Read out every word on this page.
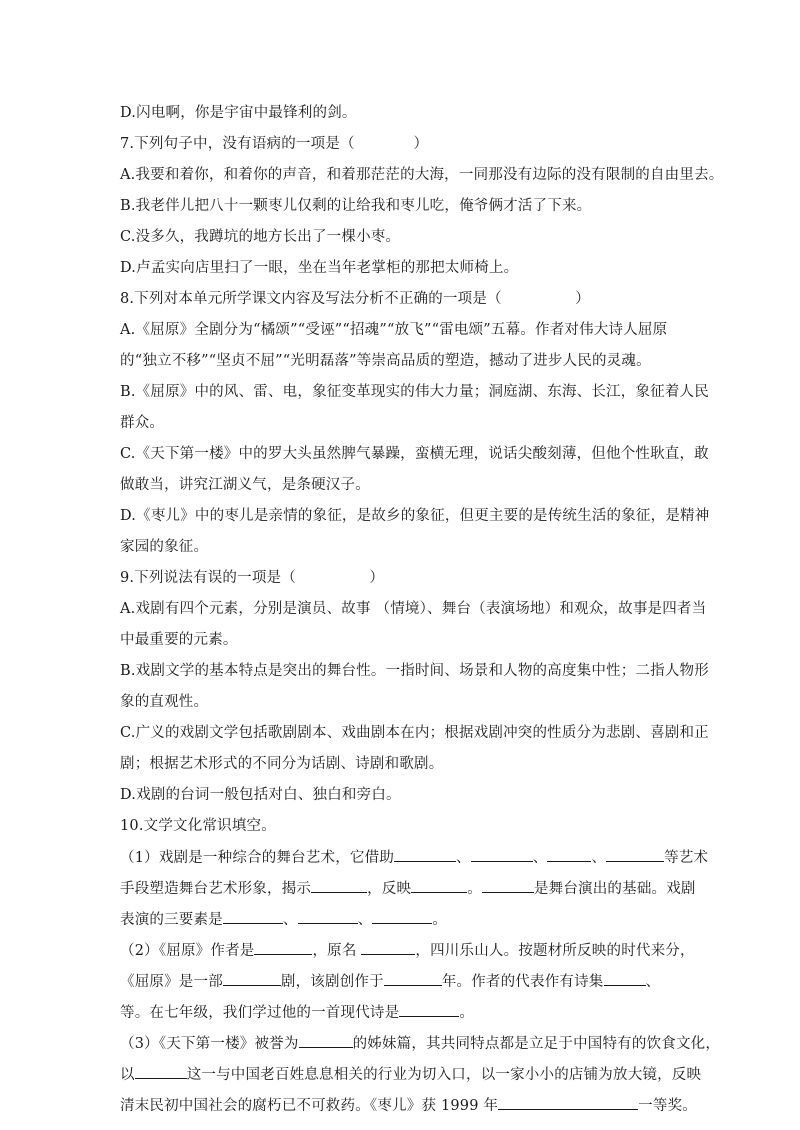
D.闪电啊，你是宇宙中最锋利的剑。
7.下列句子中，没有语病的一项是（　　　　）
A.我要和着你，和着你的声音，和着那茫茫的大海，一同那没有边际的没有限制的自由里去。
B.我老伴儿把八十一颗枣儿仅剩的让给我和枣儿吃，俺爷俩才活了下来。
C.没多久，我蹲坑的地方长出了一棵小枣。
D.卢孟实向店里扫了一眼，坐在当年老掌柜的那把太师椅上。
8.下列对本单元所学课文内容及写法分析不正确的一项是（　　　　　）
A.《屈原》全剧分为“橘颂”“受诬”“招魂”“放飞”“雷电颂”五幕。作者对伟大诗人屈原
的“独立不移”“坚贞不屈”“光明磊落”等崇高品质的塑造，撼动了进步人民的灵魂。
B.《屈原》中的风、雷、电，象征变革现实的伟大力量；洞庭湖、东海、长江，象征着人民
群众。
C.《天下第一楼》中的罗大头虽然脾气暴躁，蛮横无理，说话尖酸刻薄，但他个性耿直，敢
做敢当，讲究江湖义气，是条硬汉子。
D.《枣儿》中的枣儿是亲情的象征，是故乡的象征，但更主要的是传统生活的象征，是精神
家园的象征。
9.下列说法有误的一项是（　　　　　）
A.戏剧有四个元素，分别是演员、故事 （情境）、舞台（表演场地）和观众，故事是四者当
中最重要的元素。
B.戏剧文学的基本特点是突出的舞台性。一指时间、场景和人物的高度集中性；二指人物形
象的直观性。
C.广义的戏剧文学包括歌剧剧本、戏曲剧本在内；根据戏剧冲突的性质分为悲剧、喜剧和正
剧；根据艺术形式的不同分为话剧、诗剧和歌剧。
D.戏剧的台词一般包括对白、独白和旁白。
10.文学文化常识填空。
（1）戏剧是一种综合的舞台艺术，它借助	、	、	、	等艺术
手段塑造舞台艺术形象，揭示	，反映	。	是舞台演出的基础。戏剧
表演的三要素是	、	、	。
（2）《屈原》作者是	，原名	，四川乐山人。按题材所反映的时代来分，
《屈原》是一部	剧，该剧创作于	年。作者的代表作有诗集	、
等。在七年级，我们学过他的一首现代诗是	。
（3）《天下第一楼》被誉为	的姊妹篇，其共同特点都是立足于中国特有的饮食文化，
以	这一与中国老百姓息息相关的行业为切入口，以一家小小的店铺为放大镜，反映
清末民初中国社会的腐朽已不可救药。《枣儿》获 1999 年	一等奖。
